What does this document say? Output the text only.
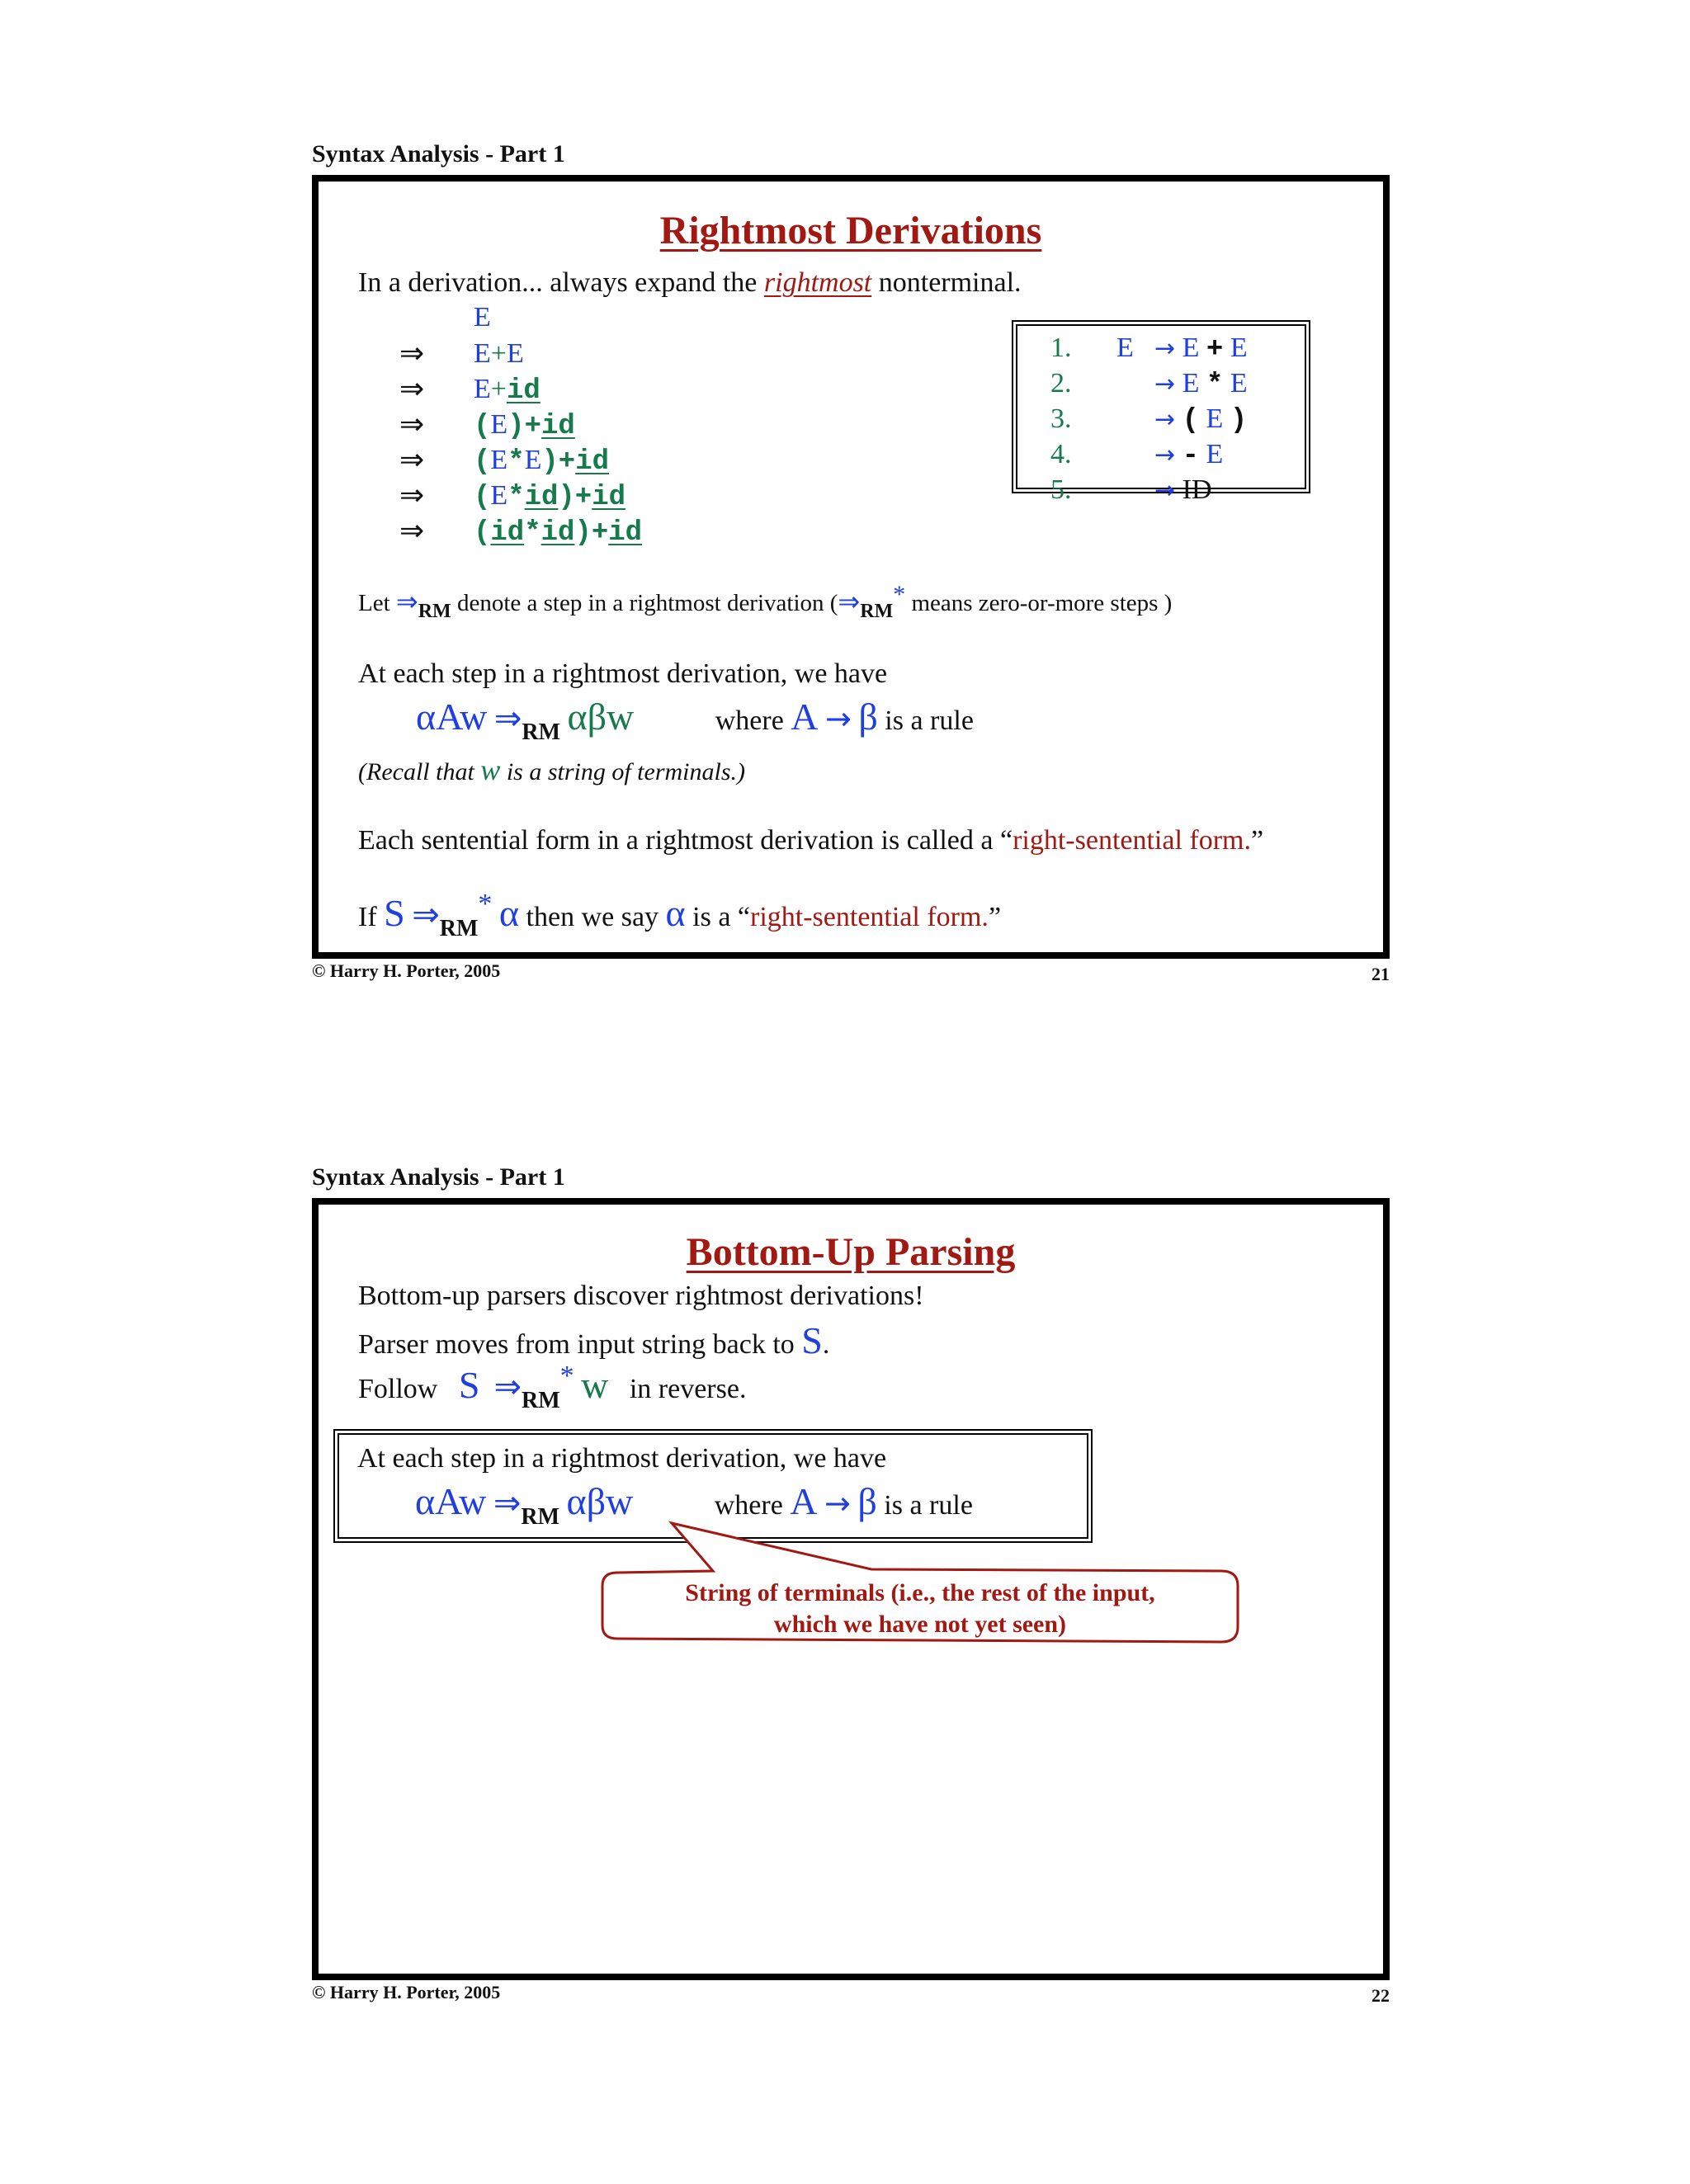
Syntax Analysis - Part 1
Rightmost Derivations
In a derivation... always expand the rightmost nonterminal.
E
⇒ E+E
⇒ E+id
⇒ (E)+id
⇒ (E*E)+id
⇒ (E*id)+id
⇒ (id*id)+id
1. E → E + E
2.	→ E * E
3.	→ ( E )
4.	→ - E
5.	→ ID
Let $\Rightarrow_{RM}$ denote a step in a rightmost derivation ($\Rightarrow_{RM}*$ means zero-or-more steps )
At each step in a rightmost derivation, we have
αAw $\Rightarrow_{RM}$ αβw	where A → β is a rule
(Recall that w is a string of terminals.)
Each sentential form in a rightmost derivation is called a “right-sentential form.”
If S $\Rightarrow_{RM}*$ α then we say α is a “right-sentential form.”
© Harry H. Porter, 2005	21
Syntax Analysis - Part 1
Bottom-Up Parsing
Bottom-up parsers discover rightmost derivations!
Parser moves from input string back to S.
Follow   S $\Rightarrow_{RM}*$ w   in reverse.
At each step in a rightmost derivation, we have
αAw $\Rightarrow_{RM}$ αβw	where A → β is a rule
String of terminals (i.e., the rest of the input,
which we have not yet seen)
© Harry H. Porter, 2005	22
